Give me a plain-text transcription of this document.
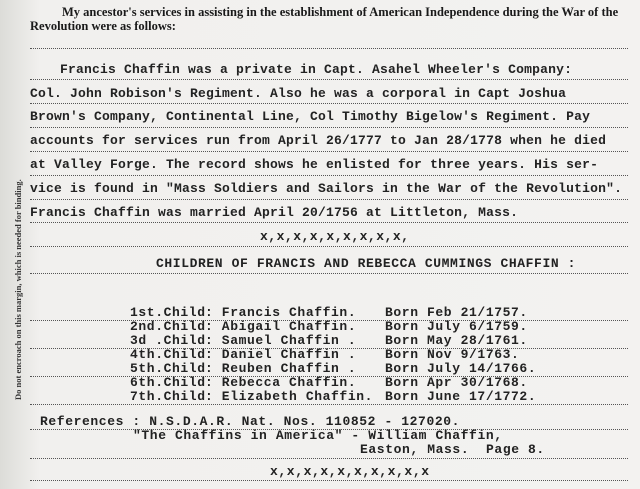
My ancestor's services in assisting in the establishment of American Independence during the War of the Revolution were as follows:
Do not encroach on this margin, which is needed for binding.
Francis Chaffin was a private in Capt. Asahel Wheeler's Company:
Col. John Robison's Regiment. Also he was a corporal in Capt Joshua
Brown's Company, Continental Line, Col Timothy Bigelow's Regiment. Pay
accounts for services run from April 26/1777 to Jan 28/1778 when he died
at Valley Forge. The record shows he enlisted for three years. His ser-
vice is found in "Mass Soldiers and Sailors in the War of the Revolution".
Francis Chaffin was married April 20/1756 at Littleton, Mass.
x,x,x,x,x,x,x,x,x,
CHILDREN OF FRANCIS AND REBECCA CUMMINGS CHAFFIN :
1st.Child: Francis Chaffin. Born Feb 21/1757.
2nd.Child: Abigail Chaffin. Born July 6/1759.
3d .Child: Samuel Chaffin . Born May 28/1761.
4th.Child: Daniel Chaffin . Born Nov 9/1763.
5th.Child: Reuben Chaffin . Born July 14/1766.
6th.Child: Rebecca Chaffin. Born Apr 30/1768.
7th.Child: Elizabeth Chaffin. Born June 17/1772.
References : N.S.D.A.R. Nat. Nos. 110852 - 127020.
"The Chaffins in America" - William Chaffin,
Easton, Mass.  Page 8.
x,x,x,x,x,x,x,x,x,x
